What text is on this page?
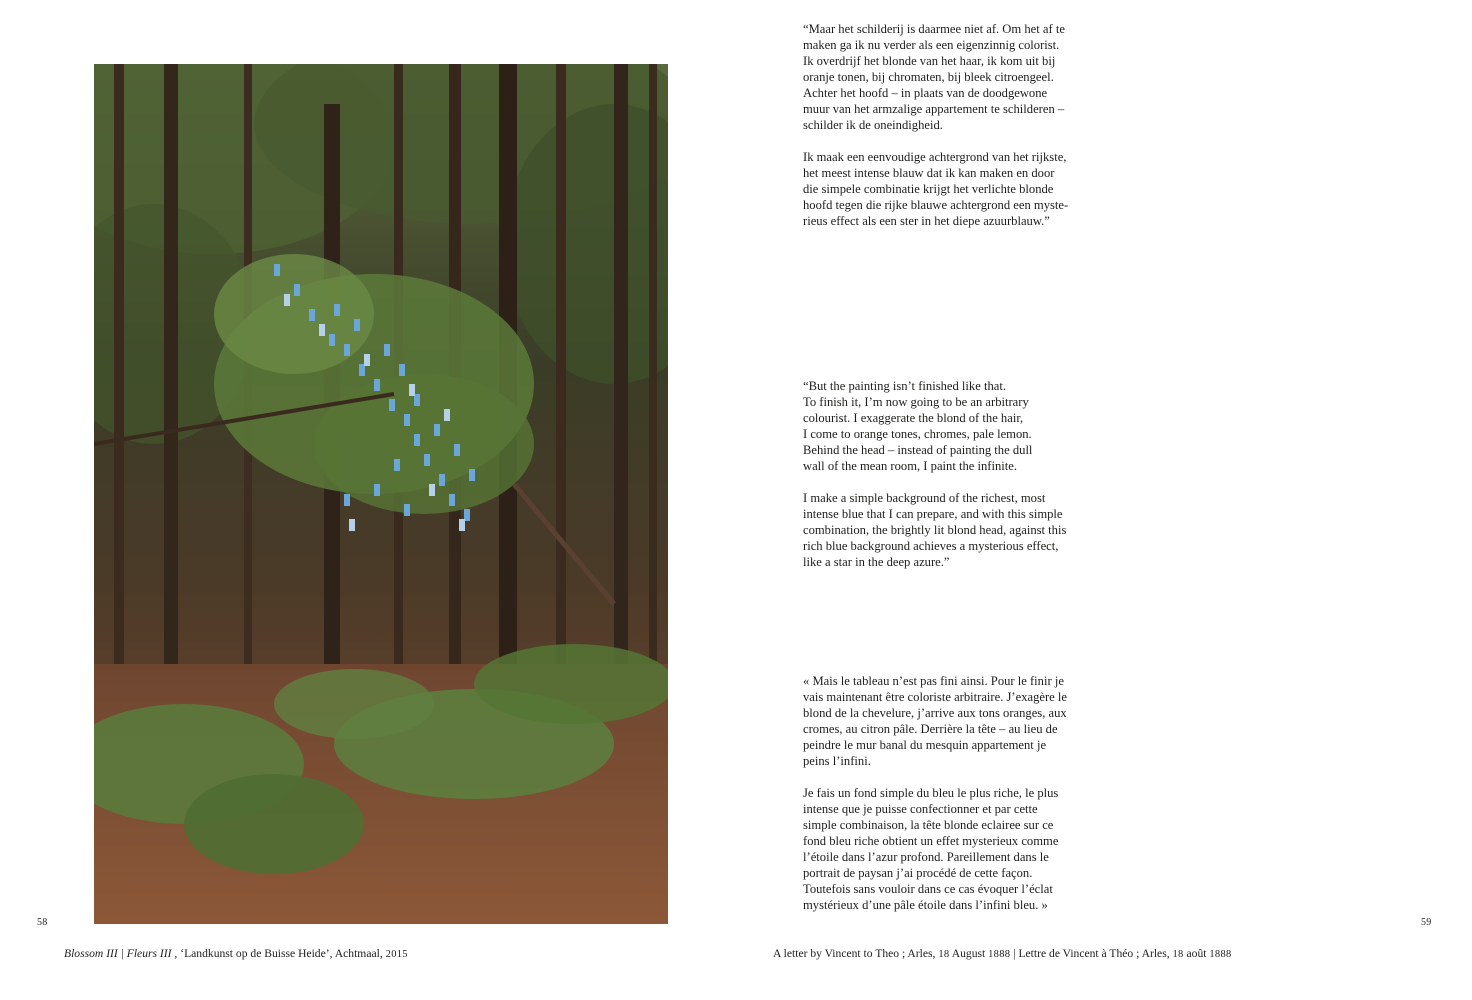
58
Blossom III | Fleurs III , ‘Landkunst op de Buisse Heide’, Achtmaal, 2015

“Maar het schilderij is daarmee niet af. Om het af te
maken ga ik nu verder als een eigenzinnig colorist.
Ik overdrijf het blonde van het haar, ik kom uit bij
oranje tonen, bij chromaten, bij bleek citroengeel.
Achter het hoofd – in plaats van de doodgewone
muur van het armzalige appartement te schilderen –
schilder ik de oneindigheid.

Ik maak een eenvoudige achtergrond van het rijkste,
het meest intense blauw dat ik kan maken en door
die simpele combinatie krijgt het verlichte blonde
hoofd tegen die rijke blauwe achtergrond een myste-
rieus effect als een ster in het diepe azuurblauw.”

“But the painting isn’t finished like that.
To finish it, I’m now going to be an arbitrary
colourist. I exaggerate the blond of the hair,
I come to orange tones, chromes, pale lemon.
Behind the head – instead of painting the dull
wall of the mean room, I paint the infinite.

I make a simple background of the richest, most
intense blue that I can prepare, and with this simple
combination, the brightly lit blond head, against this
rich blue background achieves a mysterious effect,
like a star in the deep azure.”

« Mais le tableau n’est pas fini ainsi. Pour le finir je
vais maintenant être coloriste arbitraire. J’exagère le
blond de la chevelure, j’arrive aux tons oranges, aux
cromes, au citron pâle. Derrière la tête – au lieu de
peindre le mur banal du mesquin appartement je
peins l’infini.

Je fais un fond simple du bleu le plus riche, le plus
intense que je puisse confectionner et par cette
simple combinaison, la tête blonde eclairee sur ce
fond bleu riche obtient un effet mysterieux comme
l’étoile dans l’azur profond. Pareillement dans le
portrait de paysan j’ai procédé de cette façon.
Toutefois sans vouloir dans ce cas évoquer l’éclat
mystérieux d’une pâle étoile dans l’infini bleu. »

59
A letter by Vincent to Theo ; Arles, 18 August 1888 | Lettre de Vincent à Théo ; Arles, 18 août 1888
